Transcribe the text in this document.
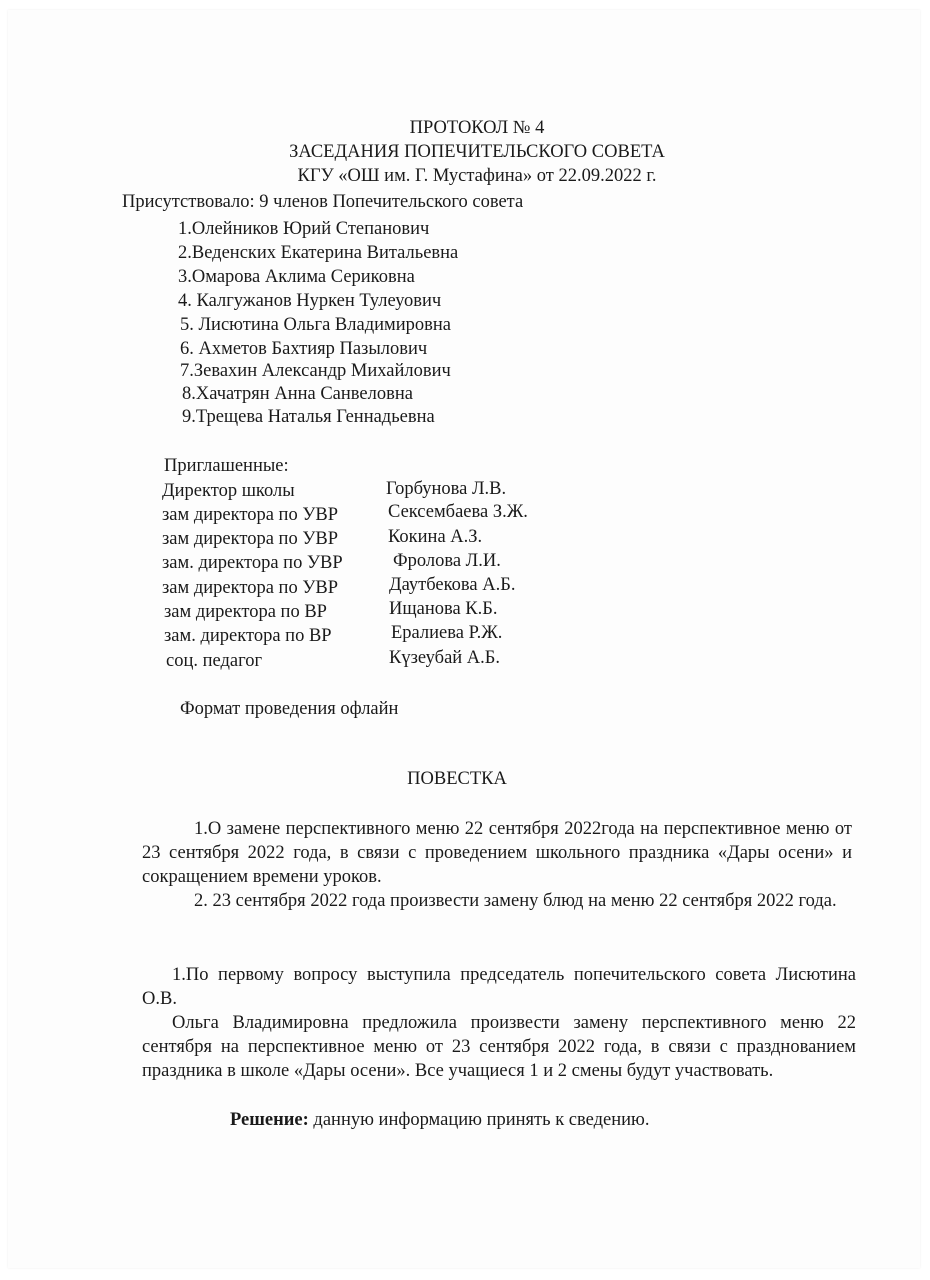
ПРОТОКОЛ № 4
ЗАСЕДАНИЯ ПОПЕЧИТЕЛЬСКОГО СОВЕТА
КГУ «ОШ им. Г. Мустафина» от 22.09.2022 г.
Присутствовало: 9 членов Попечительского совета
1.Олейников Юрий Степанович
2.Веденских Екатерина Витальевна
3.Омарова Аклима Сериковна
4. Калгужанов Нуркен Тулеуович
5. Лисютина Ольга Владимировна
6. Ахметов Бахтияр Пазылович
7.Зевахин Александр Михайлович
8.Хачатрян Анна Санвеловна
9.Трещева Наталья Геннадьевна
Приглашенные:
Директор школы	Горбунова Л.В.
зам директора по УВР	Сексембаева З.Ж.
зам директора по УВР	Кокина А.З.
зам. директора по УВР	Фролова Л.И.
зам директора по УВР	Даутбекова А.Б.
зам директора по ВР	Ищанова К.Б.
зам. директора по ВР	Ералиева Р.Ж.
соц. педагог	Күзеубай А.Б.
Формат проведения офлайн
ПОВЕСТКА
1.О замене перспективного меню 22 сентября 2022года на перспективное меню от 23 сентября 2022 года, в связи с проведением школьного праздника «Дары осени» и сокращением времени уроков.
2. 23 сентября 2022 года произвести замену блюд на меню 22 сентября 2022 года.
1.По первому вопросу выступила председатель попечительского совета Лисютина О.В.
Ольга Владимировна предложила произвести замену перспективного меню 22 сентября на перспективное меню от 23 сентября 2022 года, в связи с празднованием праздника в школе «Дары осени». Все учащиеся 1 и 2 смены будут участвовать.
Решение: данную информацию принять к сведению.
